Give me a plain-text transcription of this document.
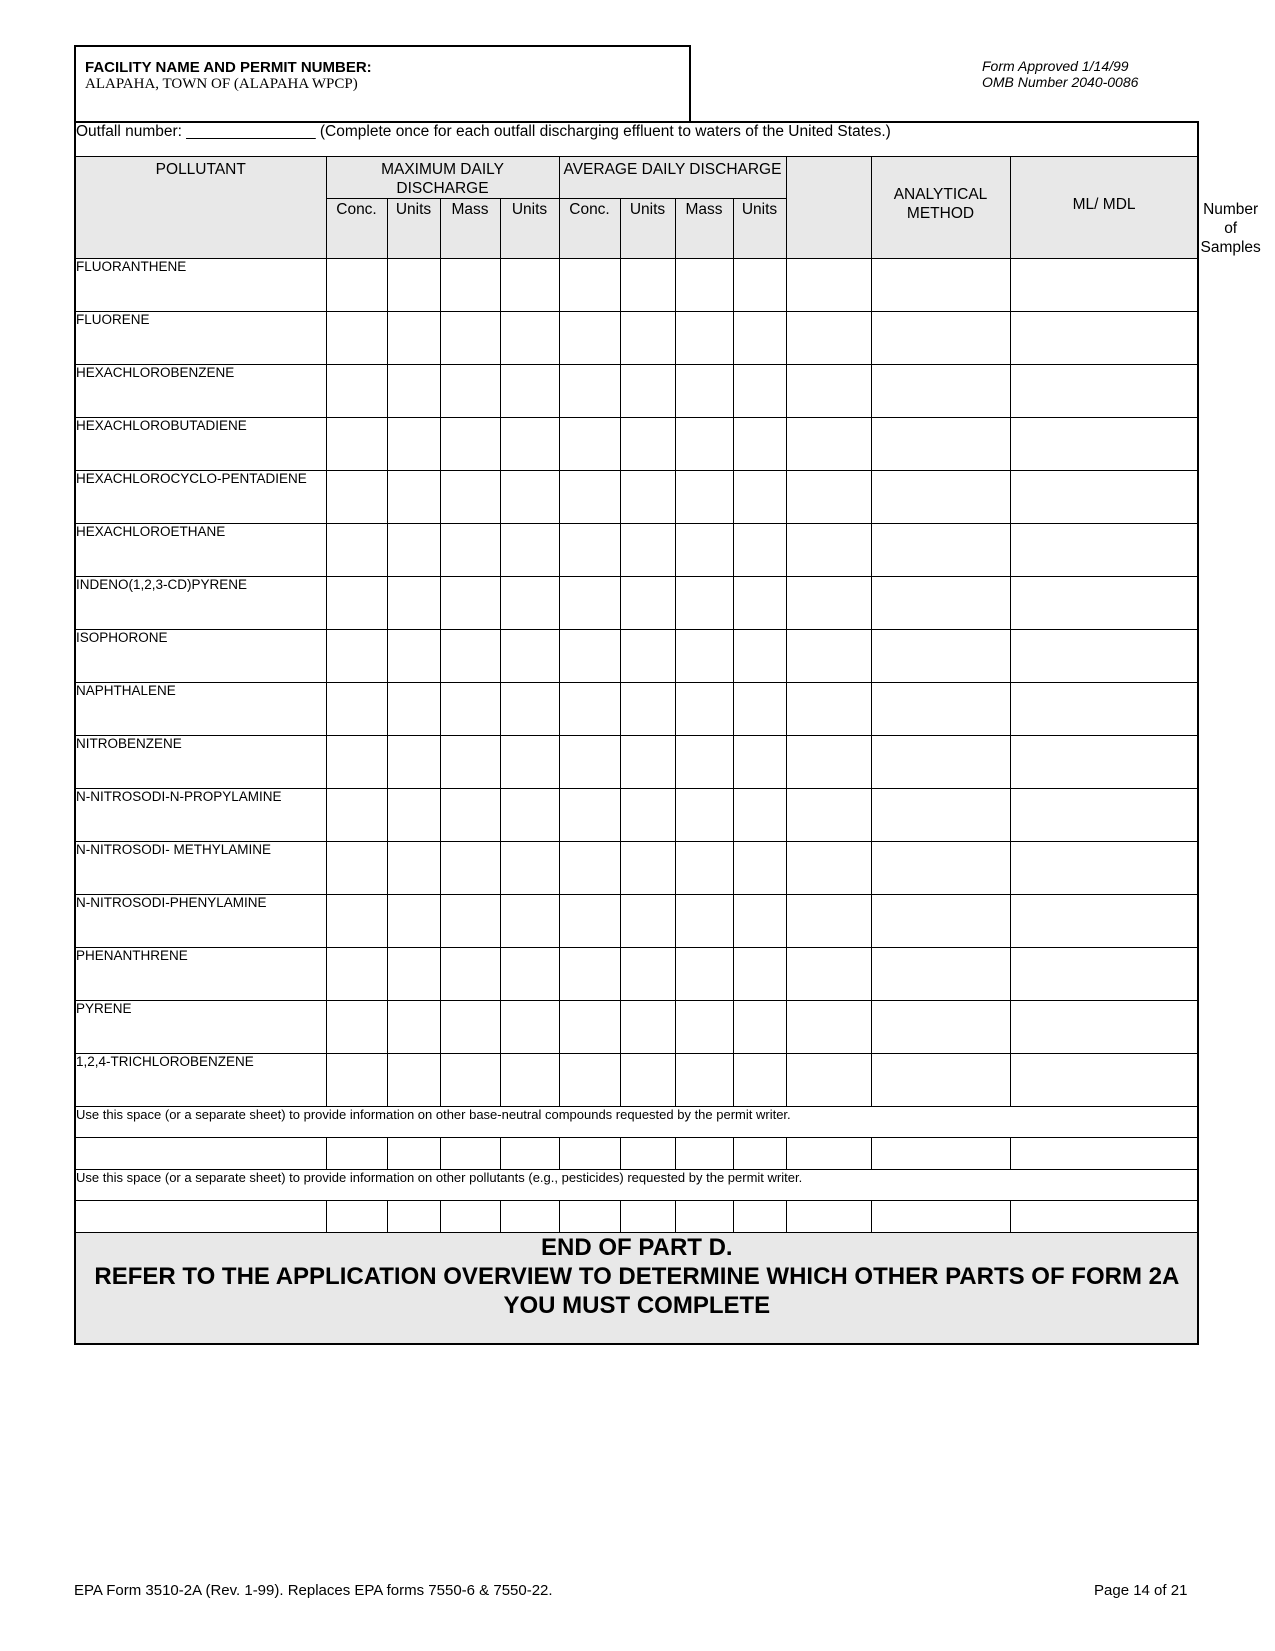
FACILITY NAME AND PERMIT NUMBER:
ALAPAHA, TOWN OF (ALAPAHA WPCP)
Form Approved 1/14/99
OMB Number 2040-0086
Outfall number: _______________ (Complete once for each outfall discharging effluent to waters of the United States.)												
POLLUTANT	MAXIMUM DAILY DISCHARGE				AVERAGE DAILY DISCHARGE					ANALYTICAL METHOD	ML/ MDL	
	Conc.	Units	Mass	Units	Conc.	Units	Mass	Units				Number of Samples

FLUORANTHENE												
FLUORENE												
HEXACHLOROBENZENE												
HEXACHLOROBUTADIENE												
HEXACHLOROCYCLO-PENTADIENE												
HEXACHLOROETHANE												
INDENO(1,2,3-CD)PYRENE												
ISOPHORONE												
NAPHTHALENE												
NITROBENZENE												
N-NITROSODI-N-PROPYLAMINE												
N-NITROSODI- METHYLAMINE												
N-NITROSODI-PHENYLAMINE												
PHENANTHRENE												
PYRENE												
1,2,4-TRICHLOROBENZENE												
Use this space (or a separate sheet) to provide information on other base-neutral compounds requested by the permit writer.												

Use this space (or a separate sheet) to provide information on other pollutants (e.g., pesticides) requested by the permit writer.												

END OF PART D.
REFER TO THE APPLICATION OVERVIEW TO DETERMINE WHICH OTHER PARTS OF FORM 2A YOU MUST COMPLETE												
EPA Form 3510-2A (Rev. 1-99). Replaces EPA forms 7550-6 & 7550-22.	Page 14 of 21
